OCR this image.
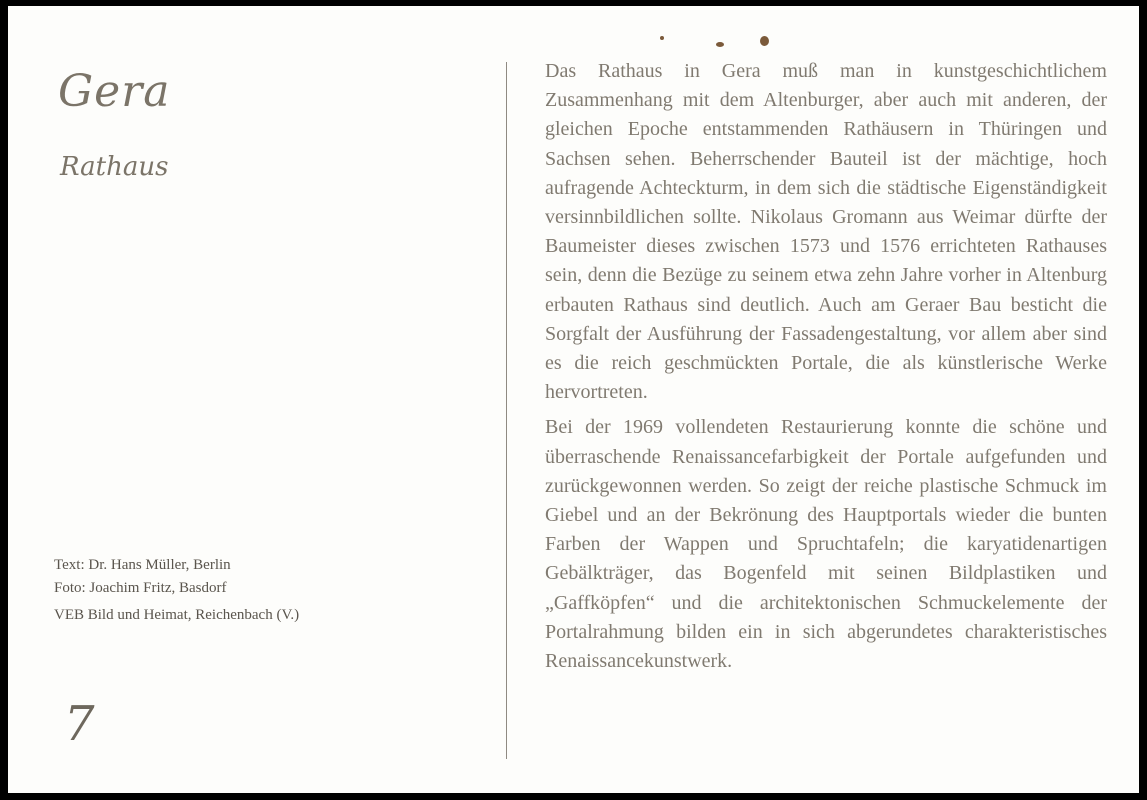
Gera
Rathaus
Text: Dr. Hans Müller, Berlin
Foto: Joachim Fritz, Basdorf
VEB Bild und Heimat, Reichenbach (V.)
7

Das Rathaus in Gera muß man in kunstgeschichtlichem Zusammenhang mit dem Altenburger, aber auch mit anderen, der gleichen Epoche entstammenden Rathäusern in Thüringen und Sachsen sehen. Beherrschender Bauteil ist der mächtige, hoch aufragende Achteckturm, in dem sich die städtische Eigenständigkeit versinnbildlichen sollte. Nikolaus Gromann aus Weimar dürfte der Baumeister dieses zwischen 1573 und 1576 errichteten Rathauses sein, denn die Bezüge zu seinem etwa zehn Jahre vorher in Altenburg erbauten Rathaus sind deutlich. Auch am Geraer Bau besticht die Sorgfalt der Ausführung der Fassadengestaltung, vor allem aber sind es die reich geschmückten Portale, die als künstlerische Werke hervortreten.

Bei der 1969 vollendeten Restaurierung konnte die schöne und überraschende Renaissancefarbigkeit der Portale aufgefunden und zurückgewonnen werden. So zeigt der reiche plastische Schmuck im Giebel und an der Bekrönung des Hauptportals wieder die bunten Farben der Wappen und Spruchtafeln; die karyatidenartigen Gebälkträger, das Bogenfeld mit seinen Bildplastiken und „Gaffköpfen“ und die architektonischen Schmuckelemente der Portalrahmung bilden ein in sich abgerundetes charakteristisches Renaissancekunstwerk.
